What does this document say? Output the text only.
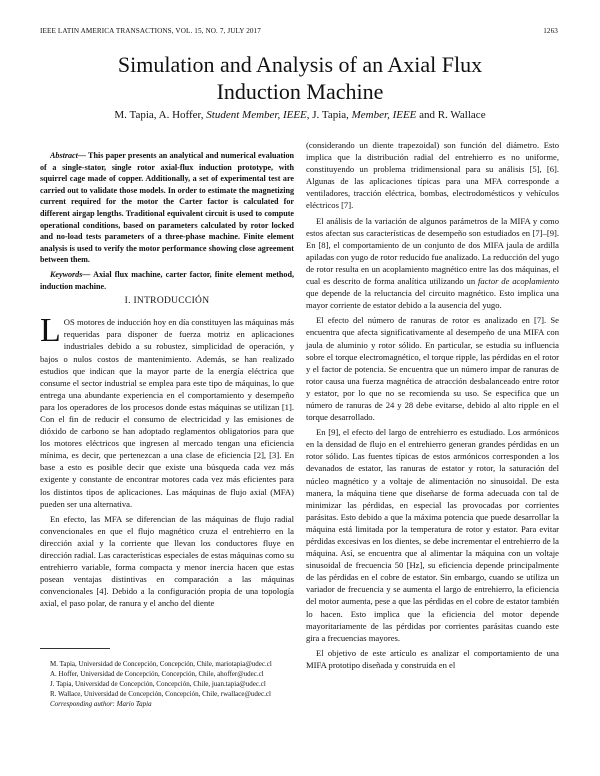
IEEE LATIN AMERICA TRANSACTIONS, VOL. 15, NO. 7, JULY 2017	1263
Simulation and Analysis of an Axial Flux
Induction Machine
M. Tapia, A. Hoffer, Student Member, IEEE, J. Tapia, Member, IEEE and R. Wallace

Abstract— This paper presents an analytical and numerical evaluation of a single-stator, single rotor axial-flux induction prototype, with squirrel cage made of copper. Additionally, a set of experimental test are carried out to validate those models. In order to estimate the magnetizing current required for the motor the Carter factor is calculated for different airgap lengths. Traditional equivalent circuit is used to compute operational conditions, based on parameters calculated by rotor locked and no-load tests parameters of a three-phase machine. Finite element analysis is used to verify the motor performance showing close agreement between them.

Keywords— Axial flux machine, carter factor, finite element method, induction machine.

I. INTRODUCCIÓN

LOS motores de inducción hoy en día constituyen las máquinas más requeridas para disponer de fuerza motriz en aplicaciones industriales debido a su robustez, simplicidad de operación, y bajos o nulos costos de mantenimiento. Además, se han realizado estudios que indican que la mayor parte de la energía eléctrica que consume el sector industrial se emplea para este tipo de máquinas, lo que entrega una abundante experiencia en el comportamiento y desempeño para los operadores de los procesos donde estas máquinas se utilizan [1]. Con el fin de reducir el consumo de electricidad y las emisiones de dióxido de carbono se han adoptado reglamentos obligatorios para que los motores eléctricos que ingresen al mercado tengan una eficiencia mínima, es decir, que pertenezcan a una clase de eficiencia [2], [3]. En base a esto es posible decir que existe una búsqueda cada vez más exigente y constante de encontrar motores cada vez más eficientes para los distintos tipos de aplicaciones. Las máquinas de flujo axial (MFA) pueden ser una alternativa.

En efecto, las MFA se diferencian de las máquinas de flujo radial convencionales en que el flujo magnético cruza el entrehierro en la dirección axial y la corriente que llevan los conductores fluye en dirección radial. Las características especiales de estas máquinas como su entrehierro variable, forma compacta y menor inercia hacen que estas posean ventajas distintivas en comparación a las máquinas convencionales [4]. Debido a la configuración propia de una topología axial, el paso polar, de ranura y el ancho del diente

M. Tapia, Universidad de Concepción, Concepción, Chile, mariotapia@udec.cl
A. Hoffer, Universidad de Concepción, Concepción, Chile, ahoffer@udec.cl
J. Tapia, Universidad de Concepción, Concepción, Chile, juan.tapia@udec.cl
R. Wallace, Universidad de Concepción, Concepción, Chile, rwallace@udec.cl
Corresponding author: Mario Tapia

(considerando un diente trapezoidal) son función del diámetro. Esto implica que la distribución radial del entrehierro es no uniforme, constituyendo un problema tridimensional para su análisis [5], [6]. Algunas de las aplicaciones típicas para una MFA corresponde a ventiladores, tracción eléctrica, bombas, electrodomésticos y vehículos eléctricos [7].

El análisis de la variación de algunos parámetros de la MIFA y como estos afectan sus características de desempeño son estudiados en [7]–[9]. En [8], el comportamiento de un conjunto de dos MIFA jaula de ardilla apiladas con yugo de rotor reducido fue analizado. La reducción del yugo de rotor resulta en un acoplamiento magnético entre las dos máquinas, el cual es descrito de forma analítica utilizando un factor de acoplamiento que depende de la reluctancia del circuito magnético. Esto implica una mayor corriente de estator debido a la ausencia del yugo.

El efecto del número de ranuras de rotor es analizado en [7]. Se encuentra que afecta significativamente al desempeño de una MIFA con jaula de aluminio y rotor sólido. En particular, se estudia su influencia sobre el torque electromagnético, el torque ripple, las pérdidas en el rotor y el factor de potencia. Se encuentra que un número impar de ranuras de rotor causa una fuerza magnética de atracción desbalanceado entre rotor y estator, por lo que no se recomienda su uso. Se especifica que un número de ranuras de 24 y 28 debe evitarse, debido al alto ripple en el torque desarrollado.

En [9], el efecto del largo de entrehierro es estudiado. Los armónicos en la densidad de flujo en el entrehierro generan grandes pérdidas en un rotor sólido. Las fuentes típicas de estos armónicos corresponden a los devanados de estator, las ranuras de estator y rotor, la saturación del núcleo magnético y a voltaje de alimentación no sinusoidal. De esta manera, la máquina tiene que diseñarse de forma adecuada con tal de minimizar las pérdidas, en especial las provocadas por corrientes parásitas. Esto debido a que la máxima potencia que puede desarrollar la máquina está limitada por la temperatura de rotor y estator. Para evitar pérdidas excesivas en los dientes, se debe incrementar el entrehierro de la máquina. Así, se encuentra que al alimentar la máquina con un voltaje sinusoidal de frecuencia 50 [Hz], su eficiencia depende principalmente de las pérdidas en el cobre de estator. Sin embargo, cuando se utiliza un variador de frecuencia y se aumenta el largo de entrehierro, la eficiencia del motor aumenta, pese a que las pérdidas en el cobre de estator también lo hacen. Esto implica que la eficiencia del motor depende mayoritariamente de las pérdidas por corrientes parásitas cuando este gira a frecuencias mayores.

El objetivo de este artículo es analizar el comportamiento de una MIFA prototipo diseñada y construida en el
